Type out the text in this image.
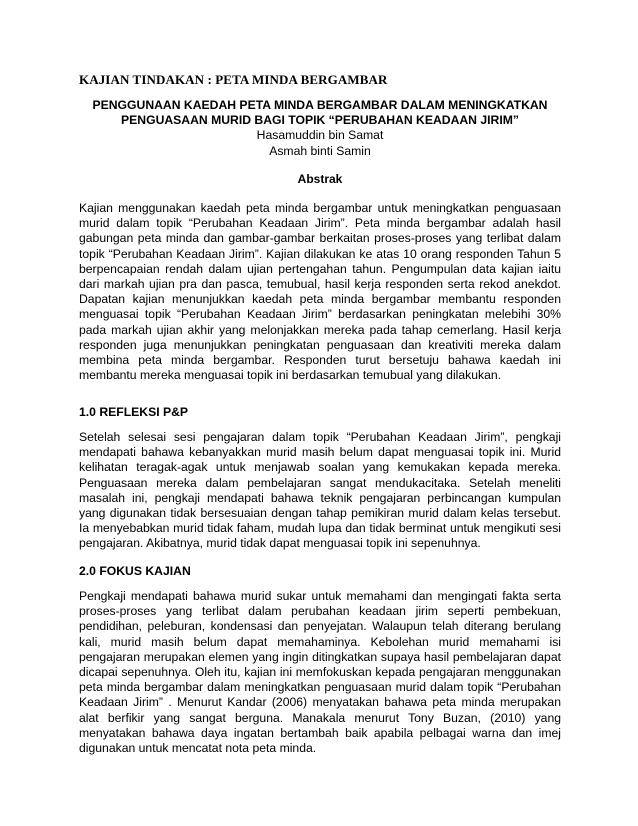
KAJIAN TINDAKAN : PETA MINDA BERGAMBAR
PENGGUNAAN KAEDAH PETA MINDA BERGAMBAR DALAM MENINGKATKAN
PENGUASAAN MURID BAGI TOPIK “PERUBAHAN KEADAAN JIRIM”
Hasamuddin bin Samat
Asmah binti Samin
Abstrak

Kajian menggunakan kaedah peta minda bergambar untuk meningkatkan penguasaan murid dalam topik “Perubahan Keadaan Jirim”. Peta minda bergambar adalah hasil gabungan peta minda dan gambar-gambar berkaitan proses-proses yang terlibat dalam topik “Perubahan Keadaan Jirim”. Kajian dilakukan ke atas 10 orang responden Tahun 5 berpencapaian rendah dalam ujian pertengahan tahun. Pengumpulan data kajian iaitu dari markah ujian pra dan pasca, temubual, hasil kerja responden serta rekod anekdot. Dapatan kajian menunjukkan kaedah peta minda bergambar membantu responden menguasai topik “Perubahan Keadaan Jirim” berdasarkan peningkatan melebihi 30% pada markah ujian akhir yang melonjakkan mereka pada tahap cemerlang. Hasil kerja responden juga menunjukkan peningkatan penguasaan dan kreativiti mereka dalam membina peta minda bergambar. Responden turut bersetuju bahawa kaedah ini membantu mereka menguasai topik ini berdasarkan temubual yang dilakukan.

1.0 REFLEKSI P&P

Setelah selesai sesi pengajaran dalam topik “Perubahan Keadaan Jirim”, pengkaji mendapati bahawa kebanyakkan murid masih belum dapat menguasai topik ini. Murid kelihatan teragak-agak untuk menjawab soalan yang kemukakan kepada mereka. Penguasaan mereka dalam pembelajaran sangat mendukacitaka. Setelah meneliti masalah ini, pengkaji mendapati bahawa teknik pengajaran perbincangan kumpulan yang digunakan tidak bersesuaian dengan tahap pemikiran murid dalam kelas tersebut. Ia menyebabkan murid tidak faham, mudah lupa dan tidak berminat untuk mengikuti sesi pengajaran. Akibatnya, murid tidak dapat menguasai topik ini sepenuhnya.

2.0 FOKUS KAJIAN

Pengkaji mendapati bahawa murid sukar untuk memahami dan mengingati fakta serta proses-proses yang terlibat dalam perubahan keadaan jirim seperti pembekuan, pendidihan, peleburan, kondensasi dan penyejatan. Walaupun telah diterang berulang kali, murid masih belum dapat memahaminya. Kebolehan murid memahami isi pengajaran merupakan elemen yang ingin ditingkatkan supaya hasil pembelajaran dapat dicapai sepenuhnya. Oleh itu, kajian ini memfokuskan kepada pengajaran menggunakan peta minda bergambar dalam meningkatkan penguasaan murid dalam topik “Perubahan Keadaan Jirim” . Menurut Kandar (2006) menyatakan bahawa peta minda merupakan alat berfikir yang sangat berguna. Manakala menurut Tony Buzan, (2010) yang menyatakan bahawa daya ingatan bertambah baik apabila pelbagai warna dan imej digunakan untuk mencatat nota peta minda.
